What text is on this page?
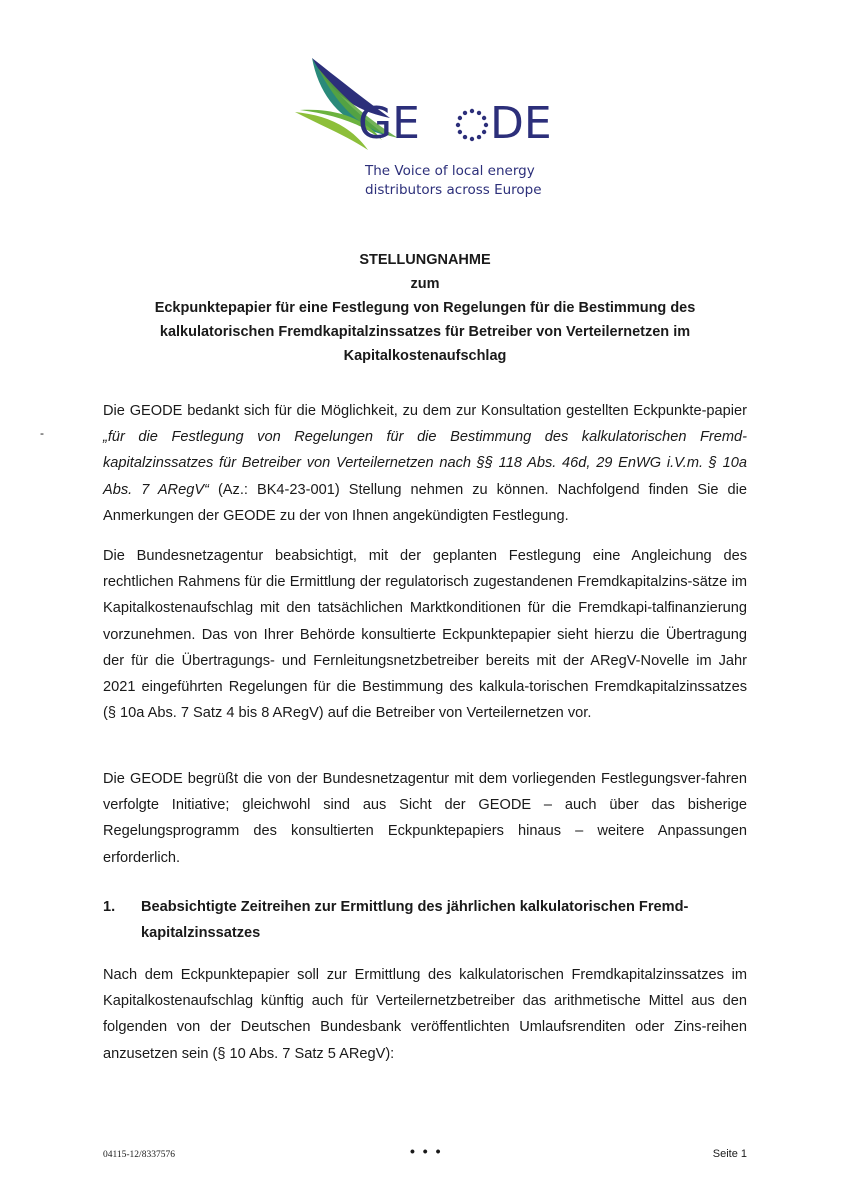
GE DE
The Voice of local energy
distributors across Europe
STELLUNGNAHME
zum
Eckpunktepapier für eine Festlegung von Regelungen für die Bestimmung des
kalkulatorischen Fremdkapitalzinssatzes für Betreiber von Verteilernetzen im
Kapitalkostenaufschlag
-
Die GEODE bedankt sich für die Möglichkeit, zu dem zur Konsultation gestellten Eckpunkte-papier „für die Festlegung von Regelungen für die Bestimmung des kalkulatorischen Fremd-kapitalzinssatzes für Betreiber von Verteilernetzen nach §§ 118 Abs. 46d, 29 EnWG i.V.m. § 10a Abs. 7 ARegV“ (Az.: BK4-23-001) Stellung nehmen zu können. Nachfolgend finden Sie die Anmerkungen der GEODE zu der von Ihnen angekündigten Festlegung.
Die Bundesnetzagentur beabsichtigt, mit der geplanten Festlegung eine Angleichung des rechtlichen Rahmens für die Ermittlung der regulatorisch zugestandenen Fremdkapitalzins-sätze im Kapitalkostenaufschlag mit den tatsächlichen Marktkonditionen für die Fremdkapi-talfinanzierung vorzunehmen. Das von Ihrer Behörde konsultierte Eckpunktepapier sieht hierzu die Übertragung der für die Übertragungs- und Fernleitungsnetzbetreiber bereits mit der ARegV-Novelle im Jahr 2021 eingeführten Regelungen für die Bestimmung des kalkula-torischen Fremdkapitalzinssatzes (§ 10a Abs. 7 Satz 4 bis 8 ARegV) auf die Betreiber von Verteilernetzen vor.
Die GEODE begrüßt die von der Bundesnetzagentur mit dem vorliegenden Festlegungsver-fahren verfolgte Initiative; gleichwohl sind aus Sicht der GEODE – auch über das bisherige Regelungsprogramm des konsultierten Eckpunktepapiers hinaus – weitere Anpassungen erforderlich.
1. Beabsichtigte Zeitreihen zur Ermittlung des jährlichen kalkulatorischen Fremd-kapitalzinssatzes
Nach dem Eckpunktepapier soll zur Ermittlung des kalkulatorischen Fremdkapitalzinssatzes im Kapitalkostenaufschlag künftig auch für Verteilernetzbetreiber das arithmetische Mittel aus den folgenden von der Deutschen Bundesbank veröffentlichten Umlaufsrenditen oder Zins-reihen anzusetzen sein (§ 10 Abs. 7 Satz 5 ARegV):
04115-12/8337576	• • •	Seite 1
